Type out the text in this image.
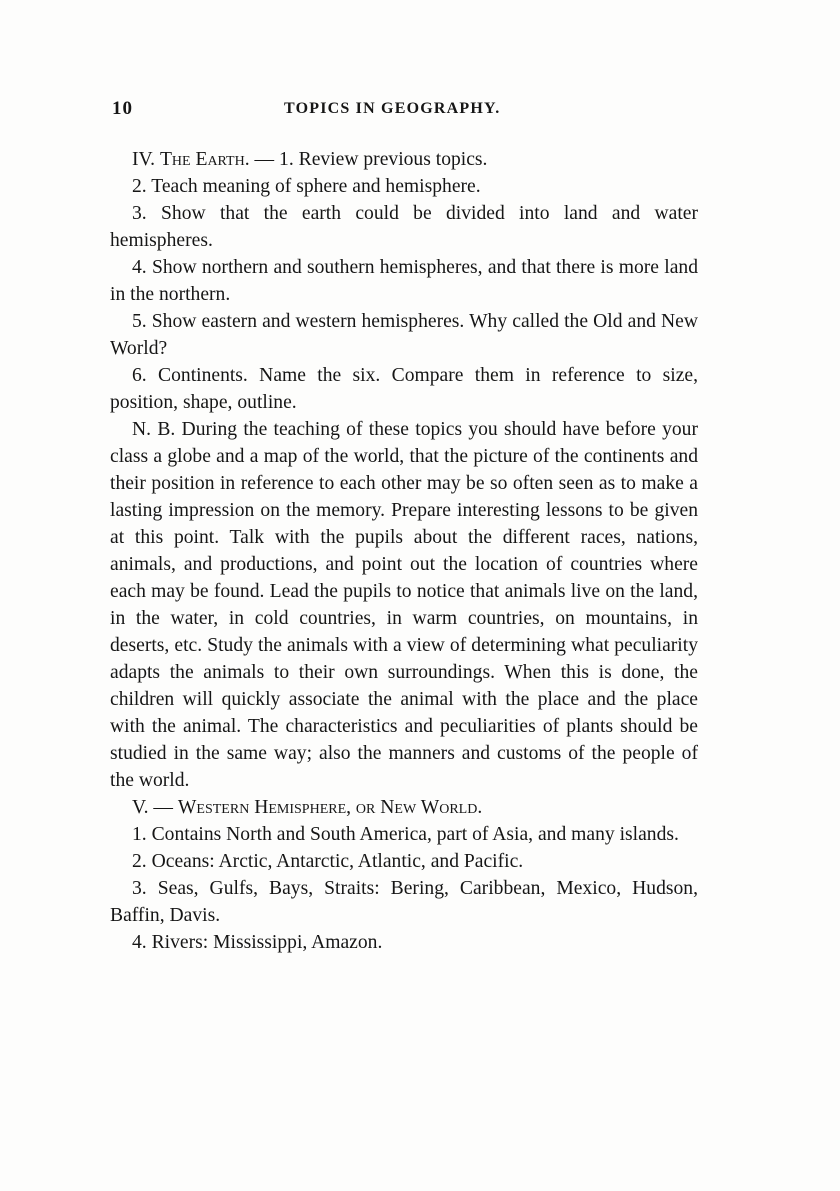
10	TOPICS IN GEOGRAPHY.

IV. The Earth. — 1. Review previous topics.

2. Teach meaning of sphere and hemisphere.

3. Show that the earth could be divided into land and water hemispheres.

4. Show northern and southern hemispheres, and that there is more land in the northern.

5. Show eastern and western hemispheres. Why called the Old and New World?

6. Continents. Name the six. Compare them in reference to size, position, shape, outline.

N. B. During the teaching of these topics you should have before your class a globe and a map of the world, that the picture of the continents and their position in reference to each other may be so often seen as to make a lasting impression on the memory. Prepare interesting lessons to be given at this point. Talk with the pupils about the different races, nations, animals, and productions, and point out the location of countries where each may be found. Lead the pupils to notice that animals live on the land, in the water, in cold countries, in warm countries, on mountains, in deserts, etc. Study the animals with a view of determining what peculiarity adapts the animals to their own surroundings. When this is done, the children will quickly associate the animal with the place and the place with the animal. The characteristics and peculiarities of plants should be studied in the same way; also the manners and customs of the people of the world.

V. — Western Hemisphere, or New World.

1. Contains North and South America, part of Asia, and many islands.

2. Oceans: Arctic, Antarctic, Atlantic, and Pacific.

3. Seas, Gulfs, Bays, Straits: Bering, Caribbean, Mexico, Hudson, Baffin, Davis.

4. Rivers: Mississippi, Amazon.
